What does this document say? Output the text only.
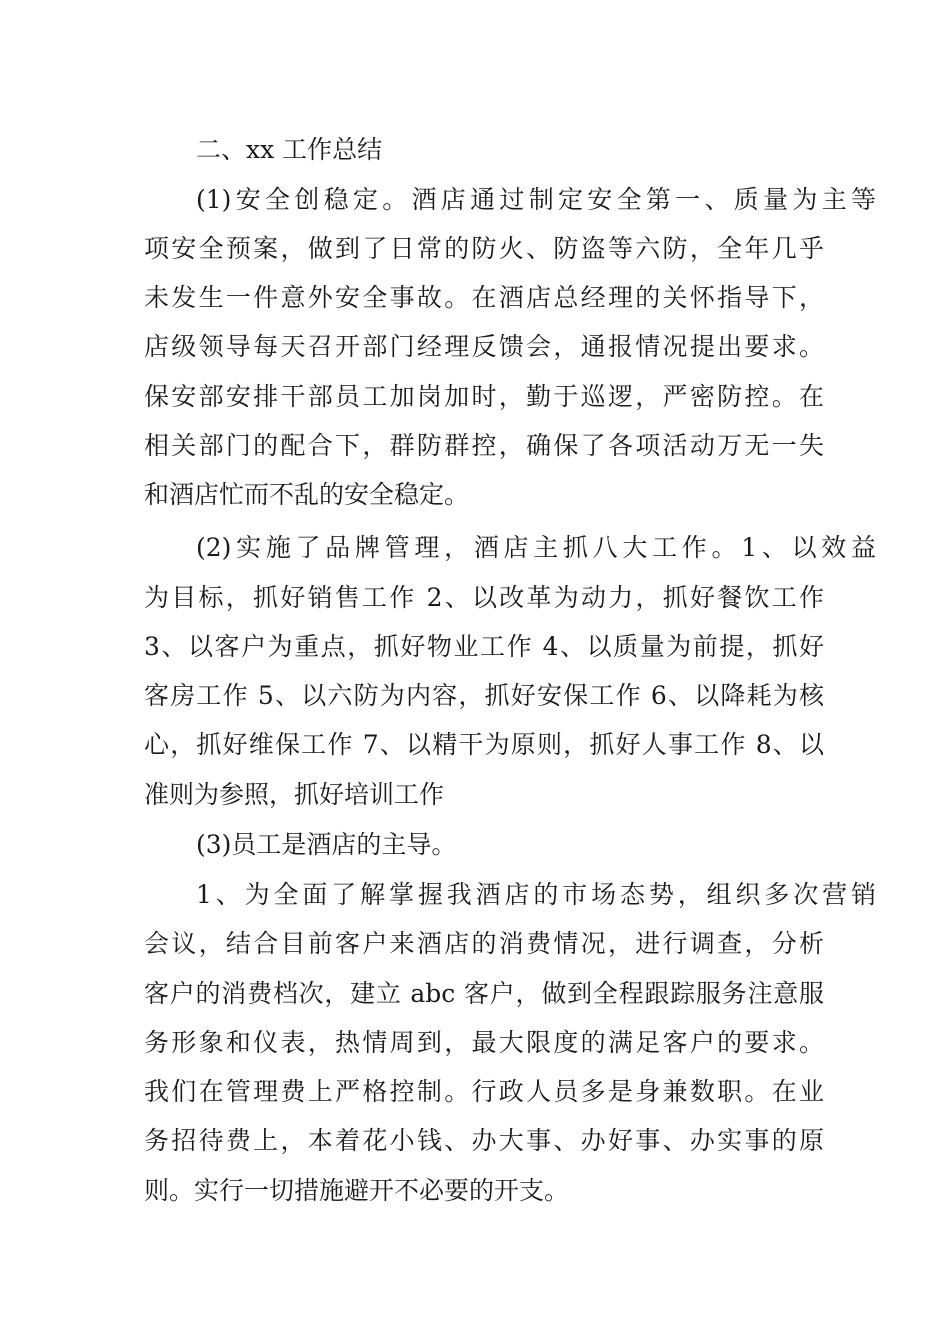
二、xx 工作总结
(1)安全创稳定。酒店通过制定安全第一、质量为主等
项安全预案，做到了日常的防火、防盗等六防，全年几乎
未发生一件意外安全事故。在酒店总经理的关怀指导下，
店级领导每天召开部门经理反馈会，通报情况提出要求。
保安部安排干部员工加岗加时，勤于巡逻，严密防控。在
相关部门的配合下，群防群控，确保了各项活动万无一失
和酒店忙而不乱的安全稳定。
(2)实施了品牌管理，酒店主抓八大工作。1、以效益
为目标，抓好销售工作 2、以改革为动力，抓好餐饮工作
3、以客户为重点，抓好物业工作 4、以质量为前提，抓好
客房工作 5、以六防为内容，抓好安保工作 6、以降耗为核
心，抓好维保工作 7、以精干为原则，抓好人事工作 8、以
准则为参照，抓好培训工作
(3)员工是酒店的主导。
1、为全面了解掌握我酒店的市场态势，组织多次营销
会议，结合目前客户来酒店的消费情况，进行调查，分析
客户的消费档次，建立 abc 客户，做到全程跟踪服务注意服
务形象和仪表，热情周到，最大限度的满足客户的要求。
我们在管理费上严格控制。行政人员多是身兼数职。在业
务招待费上，本着花小钱、办大事、办好事、办实事的原
则。实行一切措施避开不必要的开支。
